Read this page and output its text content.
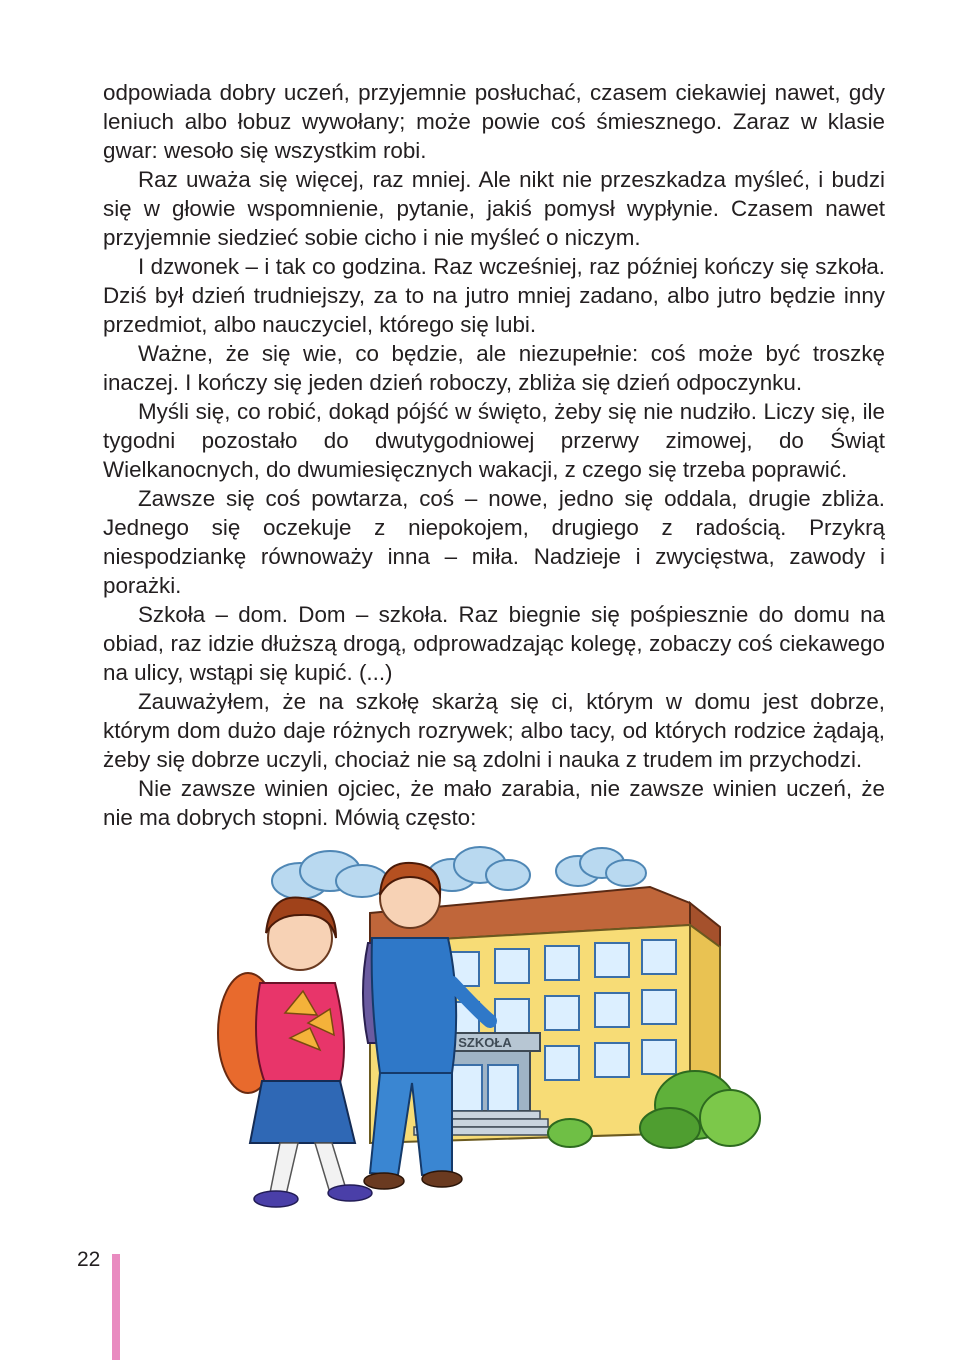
odpowiada dobry uczeń, przyjemnie posłuchać, czasem ciekawiej nawet, gdy leniuch albo łobuz wywołany; może powie coś śmiesznego. Zaraz w klasie gwar: wesoło się wszystkim robi.

Raz uważa się więcej, raz mniej. Ale nikt nie przeszkadza myśleć, i budzi się w głowie wspomnienie, pytanie, jakiś pomysł wypłynie. Czasem nawet przyjemnie siedzieć sobie cicho i nie myśleć o niczym.

I dzwonek – i tak co godzina. Raz wcześniej, raz później kończy się szkoła. Dziś był dzień trudniejszy, za to na jutro mniej zadano, albo jutro będzie inny przedmiot, albo nauczyciel, którego się lubi.

Ważne, że się wie, co będzie, ale niezupełnie: coś może być troszkę inaczej. I kończy się jeden dzień roboczy, zbliża się dzień odpoczynku.

Myśli się, co robić, dokąd pójść w święto, żeby się nie nudziło. Liczy się, ile tygodni pozostało do dwutygodniowej przerwy zimowej, do Świąt Wielkanocnych, do dwumiesięcznych wakacji, z czego się trzeba poprawić.

Zawsze się coś powtarza, coś – nowe, jedno się oddala, drugie zbliża. Jednego się oczekuje z niepokojem, drugiego z radością. Przykrą niespodziankę równoważy inna – miła. Nadzieje i zwycięstwa, zawody i porażki.

Szkoła – dom. Dom – szkoła. Raz biegnie się pośpiesznie do domu na obiad, raz idzie dłuższą drogą, odprowadzając kolegę, zobaczy coś ciekawego na ulicy, wstąpi się kupić. (...)

Zauważyłem, że na szkołę skarżą się ci, którym w domu jest dobrze, którym dom dużo daje różnych rozrywek; albo tacy, od których rodzice żądają, żeby się dobrze uczyli, chociaż nie są zdolni i nauka z trudem im przychodzi.

Nie zawsze winien ojciec, że mało zarabia, nie zawsze winien uczeń, że nie ma dobrych stopni. Mówią często:

SZKOŁA
22
